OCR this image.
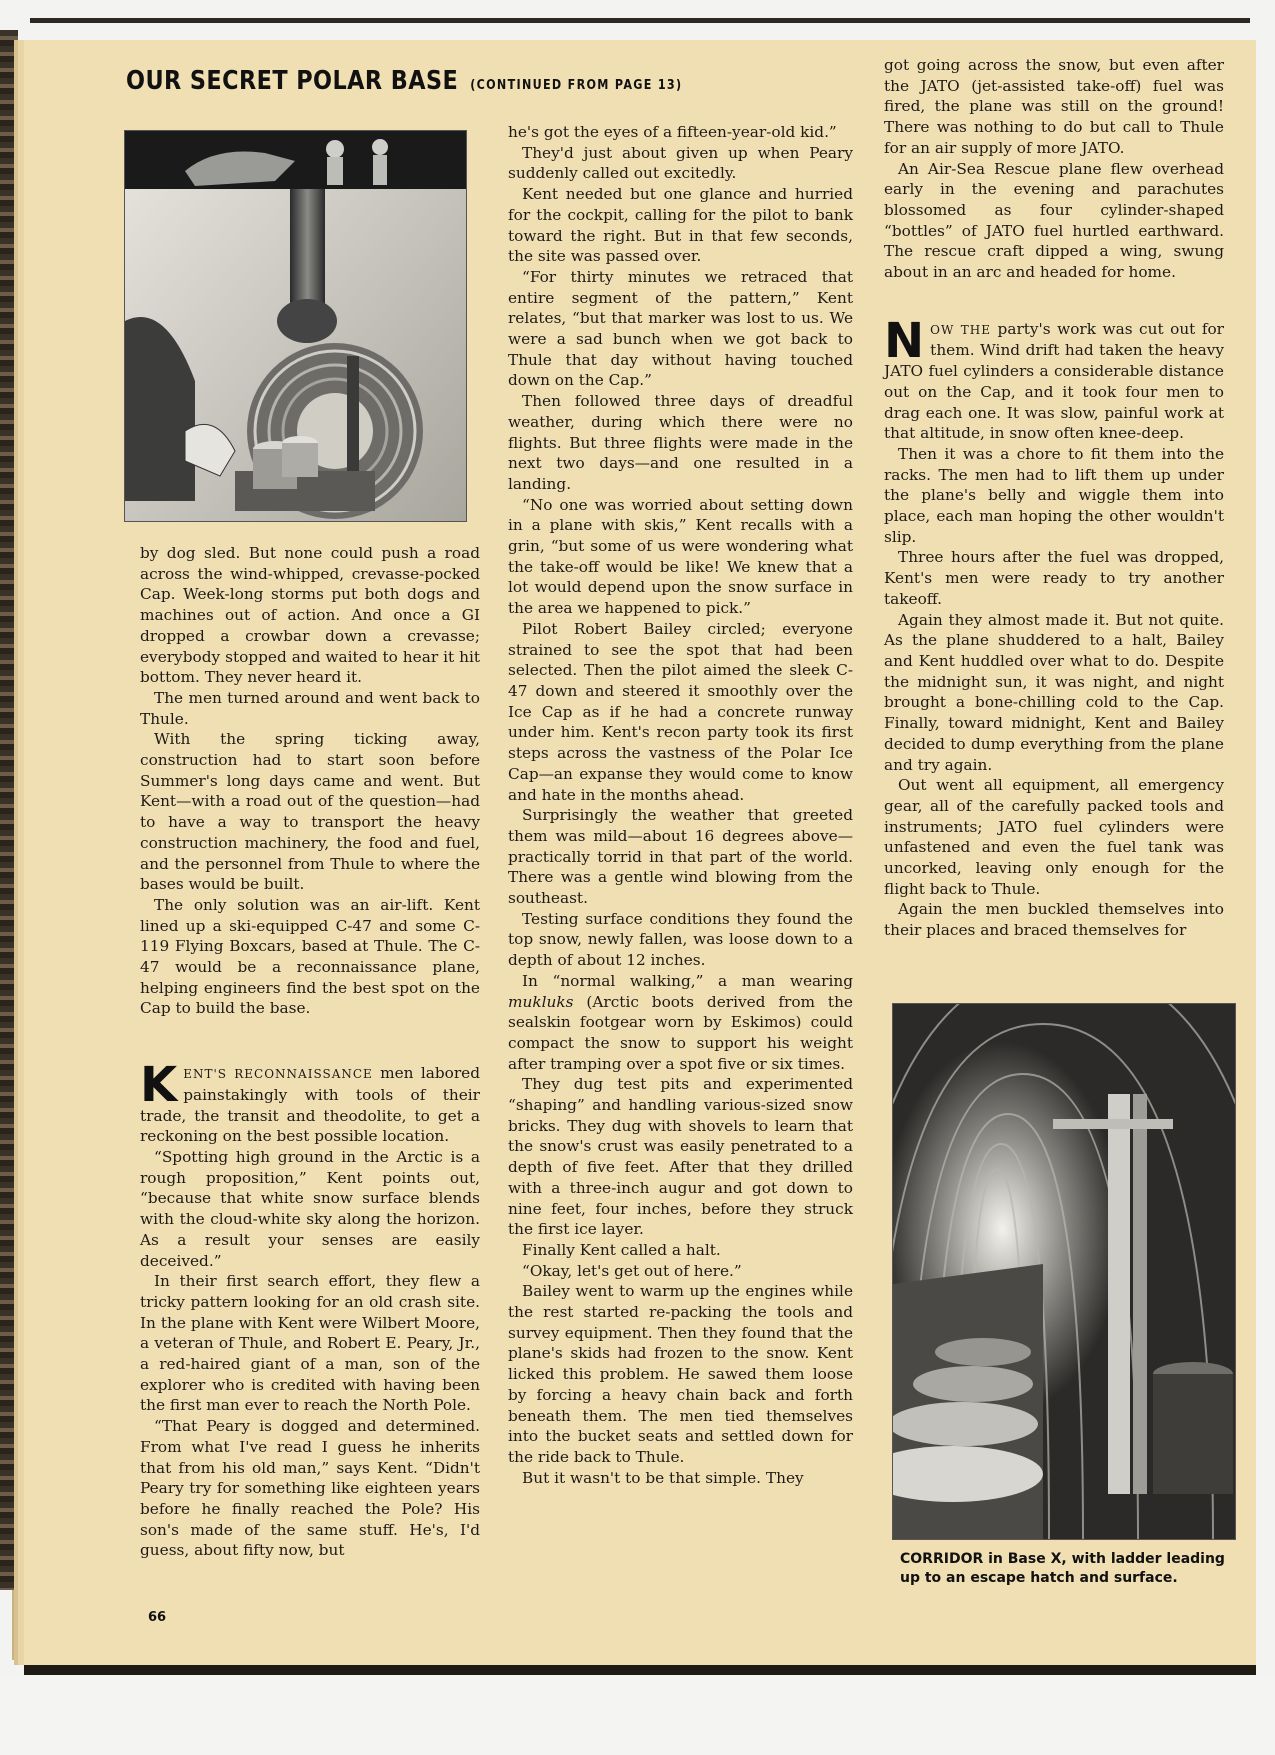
OUR SECRET POLAR BASE (CONTINUED FROM PAGE 13)

by dog sled. But none could push a road across the wind-whipped, crevasse-pocked Cap. Week-long storms put both dogs and machines out of action. And once a GI dropped a crowbar down a crevasse; everybody stopped and waited to hear it hit bottom. They never heard it.

The men turned around and went back to Thule.

With the spring ticking away, construction had to start soon before Summer's long days came and went. But Kent—with a road out of the question—had to have a way to transport the heavy construction machinery, the food and fuel, and the personnel from Thule to where the bases would be built.

The only solution was an air-lift. Kent lined up a ski-equipped C-47 and some C-119 Flying Boxcars, based at Thule. The C-47 would be a reconnaissance plane, helping engineers find the best spot on the Cap to build the base.

KENT'S RECONNAISSANCE men labored painstakingly with tools of their trade, the transit and theodolite, to get a reckoning on the best possible location.

“Spotting high ground in the Arctic is a rough proposition,” Kent points out, “because that white snow surface blends with the cloud-white sky along the horizon. As a result your senses are easily deceived.”

In their first search effort, they flew a tricky pattern looking for an old crash site. In the plane with Kent were Wilbert Moore, a veteran of Thule, and Robert E. Peary, Jr., a red-haired giant of a man, son of the explorer who is credited with having been the first man ever to reach the North Pole.

“That Peary is dogged and determined. From what I've read I guess he inherits that from his old man,” says Kent. “Didn't Peary try for something like eighteen years before he finally reached the Pole? His son's made of the same stuff. He's, I'd guess, about fifty now, but

he's got the eyes of a fifteen-year-old kid.”

They'd just about given up when Peary suddenly called out excitedly.

Kent needed but one glance and hurried for the cockpit, calling for the pilot to bank toward the right. But in that few seconds, the site was passed over.

“For thirty minutes we retraced that entire segment of the pattern,” Kent relates, “but that marker was lost to us. We were a sad bunch when we got back to Thule that day without having touched down on the Cap.”

Then followed three days of dreadful weather, during which there were no flights. But three flights were made in the next two days—and one resulted in a landing.

“No one was worried about setting down in a plane with skis,” Kent recalls with a grin, “but some of us were wondering what the take-off would be like! We knew that a lot would depend upon the snow surface in the area we happened to pick.”

Pilot Robert Bailey circled; everyone strained to see the spot that had been selected. Then the pilot aimed the sleek C-47 down and steered it smoothly over the Ice Cap as if he had a concrete runway under him. Kent's recon party took its first steps across the vastness of the Polar Ice Cap—an expanse they would come to know and hate in the months ahead.

Surprisingly the weather that greeted them was mild—about 16 degrees above—practically torrid in that part of the world. There was a gentle wind blowing from the southeast.

Testing surface conditions they found the top snow, newly fallen, was loose down to a depth of about 12 inches.

In “normal walking,” a man wearing mukluks (Arctic boots derived from the sealskin footgear worn by Eskimos) could compact the snow to support his weight after tramping over a spot five or six times.

They dug test pits and experimented “shaping” and handling various-sized snow bricks. They dug with shovels to learn that the snow's crust was easily penetrated to a depth of five feet. After that they drilled with a three-inch augur and got down to nine feet, four inches, before they struck the first ice layer.

Finally Kent called a halt.

“Okay, let's get out of here.”

Bailey went to warm up the engines while the rest started re-packing the tools and survey equipment. Then they found that the plane's skids had frozen to the snow. Kent licked this problem. He sawed them loose by forcing a heavy chain back and forth beneath them. The men tied themselves into the bucket seats and settled down for the ride back to Thule.

But it wasn't to be that simple. They

got going across the snow, but even after the JATO (jet-assisted take-off) fuel was fired, the plane was still on the ground! There was nothing to do but call to Thule for an air supply of more JATO.

An Air-Sea Rescue plane flew overhead early in the evening and parachutes blossomed as four cylinder-shaped “bottles” of JATO fuel hurtled earthward. The rescue craft dipped a wing, swung about in an arc and headed for home.

NOW THE party's work was cut out for them. Wind drift had taken the heavy JATO fuel cylinders a considerable distance out on the Cap, and it took four men to drag each one. It was slow, painful work at that altitude, in snow often knee-deep.

Then it was a chore to fit them into the racks. The men had to lift them up under the plane's belly and wiggle them into place, each man hoping the other wouldn't slip.

Three hours after the fuel was dropped, Kent's men were ready to try another takeoff.

Again they almost made it. But not quite. As the plane shuddered to a halt, Bailey and Kent huddled over what to do. Despite the midnight sun, it was night, and night brought a bone-chilling cold to the Cap. Finally, toward midnight, Kent and Bailey decided to dump everything from the plane and try again.

Out went all equipment, all emergency gear, all of the carefully packed tools and instruments; JATO fuel cylinders were unfastened and even the fuel tank was uncorked, leaving only enough for the flight back to Thule.

Again the men buckled themselves into their places and braced themselves for

CORRIDOR in Base X, with ladder leading up to an escape hatch and surface.
66
